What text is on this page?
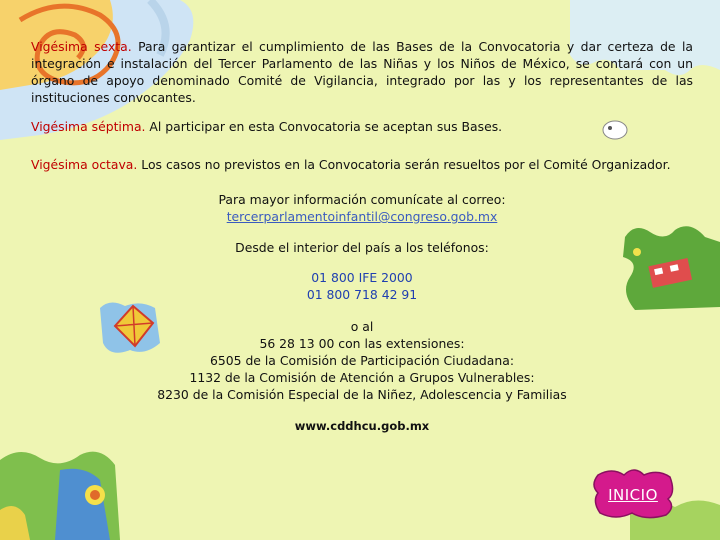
Vigésima sexta. Para garantizar el cumplimiento de las Bases de la Convocatoria y dar certeza de la integración e instalación del Tercer Parlamento de las Niñas y los Niños de México, se contará con un órgano de apoyo denominado Comité de Vigilancia, integrado por las y los representantes de las instituciones convocantes.

Vigésima séptima. Al participar en esta Convocatoria se aceptan sus Bases.

Vigésima octava. Los casos no previstos en la Convocatoria serán resueltos por el Comité Organizador.

Para mayor información comunícate al correo:
tercerparlamentoinfantil@congreso.gob.mx
Desde el interior del país a los teléfonos:
01 800 IFE 2000
01 800 718 42 91
o al
56 28 13 00 con las extensiones:
6505 de la Comisión de Participación Ciudadana:
1132 de la Comisión de Atención a Grupos Vulnerables:
8230 de la Comisión Especial de la Niñez, Adolescencia y Familias
www.cddhcu.gob.mx
INICIO
